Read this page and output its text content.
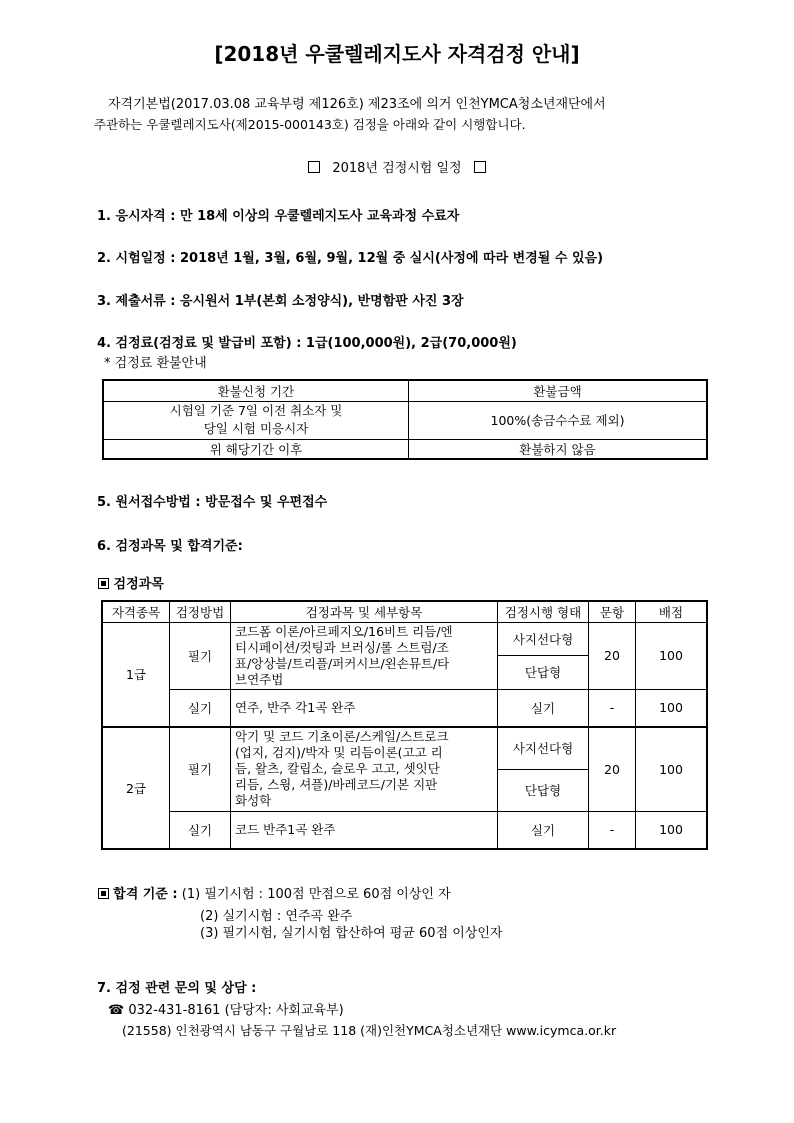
[2018년 우쿨렐레지도사 자격검정 안내]
자격기본법(2017.03.08 교육부령 제126호) 제23조에 의거 인천YMCA청소년재단에서
주관하는 우쿨렐레지도사(제2015-000143호) 검정을 아래와 같이 시행합니다.
2018년 검정시험 일정
1. 응시자격 : 만 18세 이상의 우쿨렐레지도사 교육과정 수료자
2. 시험일정 : 2018년 1월, 3월, 6월, 9월, 12월 중 실시(사정에 따라 변경될 수 있음)
3. 제출서류 : 응시원서 1부(본회 소정양식), 반명함판 사진 3장
4. 검정료(검정료 및 발급비 포함) : 1급(100,000원), 2급(70,000원)
* 검정료 환불안내
환불신청 기간	환불금액

시험일 기준 7일 이전 취소자 및
당일 시험 미응시자	100%(송금수수료 제외)
위 해당기간 이후	환불하지 않음
5. 원서접수방법 : 방문접수 및 우편접수
6. 검정과목 및 합격기준:
검정과목
자격종목	검정방법	검정과목 및 세부항목	검정시행 형태	문항	배점
1급	필기	코드폼 이론/아르페지오/16비트 리듬/엔
티시페이션/컷팅과 브러싱/롤 스트럼/조
표/앙상블/트리플/퍼커시브/왼손뮤트/타
브연주법	사지선다형	20	100
			단답형		
	실기	연주, 반주 각1곡 완주	실기	-	100
2급	필기	악기 및 코드 기초이론/스케일/스트로크
(업지, 검지)/박자 및 리듬이론(고고 리
듬, 왈츠, 칼립소, 슬로우 고고, 셋잇단
리듬, 스윙, 셔플)/바레코드/기본 지판
화성학	사지선다형	20	100
			단답형		
	실기	코드 반주1곡 완주	실기	-	100
합격 기준 : (1) 필기시험 : 100점 만점으로 60점 이상인 자
(2) 실기시험 : 연주곡 완주
(3) 필기시험, 실기시험 합산하여 평균 60점 이상인자
7. 검정 관련 문의 및 상담 :
☎ 032-431-8161 (담당자: 사회교육부)
(21558) 인천광역시 남동구 구월남로 118 (재)인천YMCA청소년재단 www.icymca.or.kr
